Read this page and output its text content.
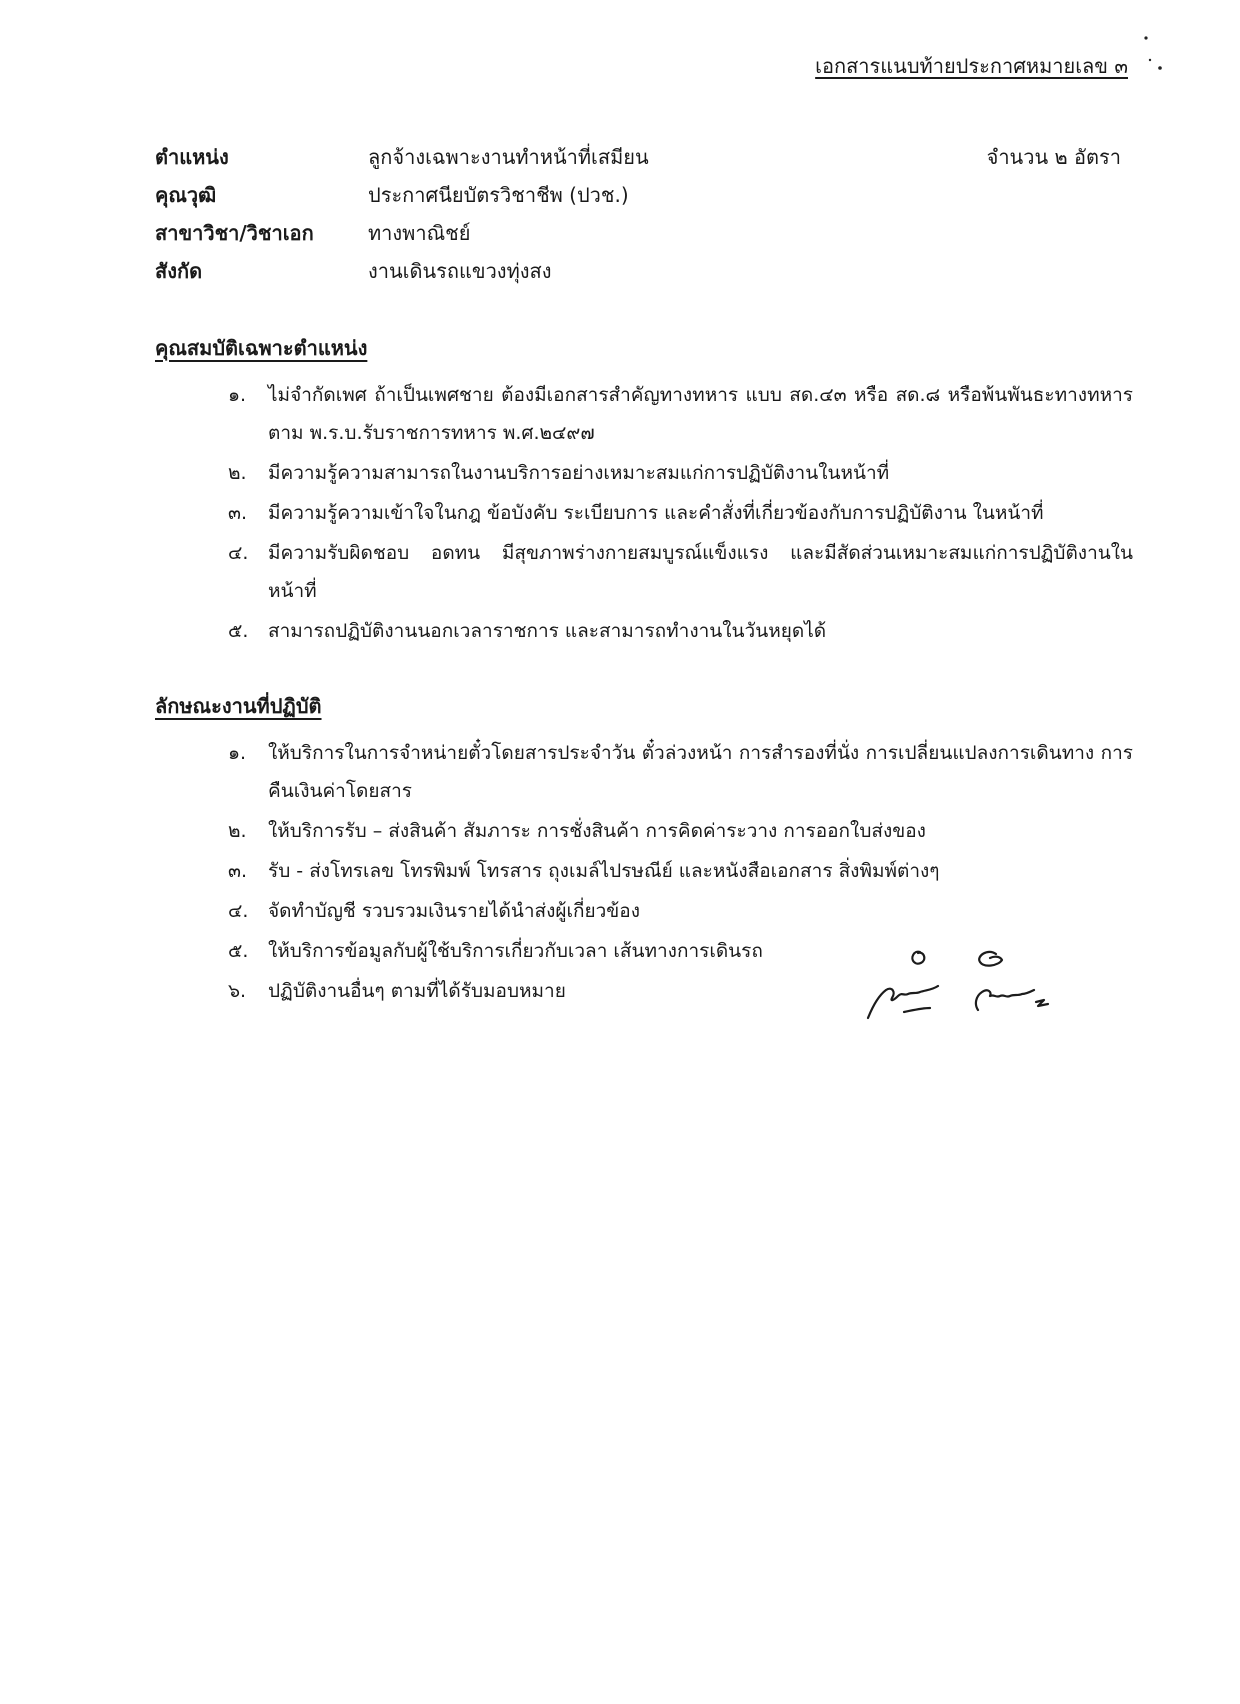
เอกสารแนบท้ายประกาศหมายเลข ๓
ตำแหน่ง	ลูกจ้างเฉพาะงานทำหน้าที่เสมียน	จำนวน ๒ อัตรา
คุณวุฒิ	ประกาศนียบัตรวิชาชีพ (ปวช.)
สาขาวิชา/วิชาเอก	ทางพาณิชย์
สังกัด	งานเดินรถแขวงทุ่งสง
คุณสมบัติเฉพาะตำแหน่ง
๑. ไม่จำกัดเพศ ถ้าเป็นเพศชาย ต้องมีเอกสารสำคัญทางทหาร แบบ สด.๔๓ หรือ สด.๘ หรือพ้นพันธะทางทหารตาม พ.ร.บ.รับราชการทหาร พ.ศ.๒๔๙๗
๒. มีความรู้ความสามารถในงานบริการอย่างเหมาะสมแก่การปฏิบัติงานในหน้าที่
๓. มีความรู้ความเข้าใจในกฎ ข้อบังคับ ระเบียบการ และคำสั่งที่เกี่ยวข้องกับการปฏิบัติงาน ในหน้าที่
๔. มีความรับผิดชอบ อดทน มีสุขภาพร่างกายสมบูรณ์แข็งแรง และมีสัดส่วนเหมาะสมแก่การปฏิบัติงานในหน้าที่
๕. สามารถปฏิบัติงานนอกเวลาราชการ และสามารถทำงานในวันหยุดได้
ลักษณะงานที่ปฏิบัติ
๑. ให้บริการในการจำหน่ายตั๋วโดยสารประจำวัน ตั๋วล่วงหน้า การสำรองที่นั่ง การเปลี่ยนแปลงการเดินทาง การคืนเงินค่าโดยสาร
๒. ให้บริการรับ – ส่งสินค้า สัมภาระ การชั่งสินค้า การคิดค่าระวาง การออกใบส่งของ
๓. รับ - ส่งโทรเลข โทรพิมพ์ โทรสาร ถุงเมล์ไปรษณีย์ และหนังสือเอกสาร สิ่งพิมพ์ต่างๆ
๔. จัดทำบัญชี รวบรวมเงินรายได้นำส่งผู้เกี่ยวข้อง
๕. ให้บริการข้อมูลกับผู้ใช้บริการเกี่ยวกับเวลา เส้นทางการเดินรถ
๖. ปฏิบัติงานอื่นๆ ตามที่ได้รับมอบหมาย
